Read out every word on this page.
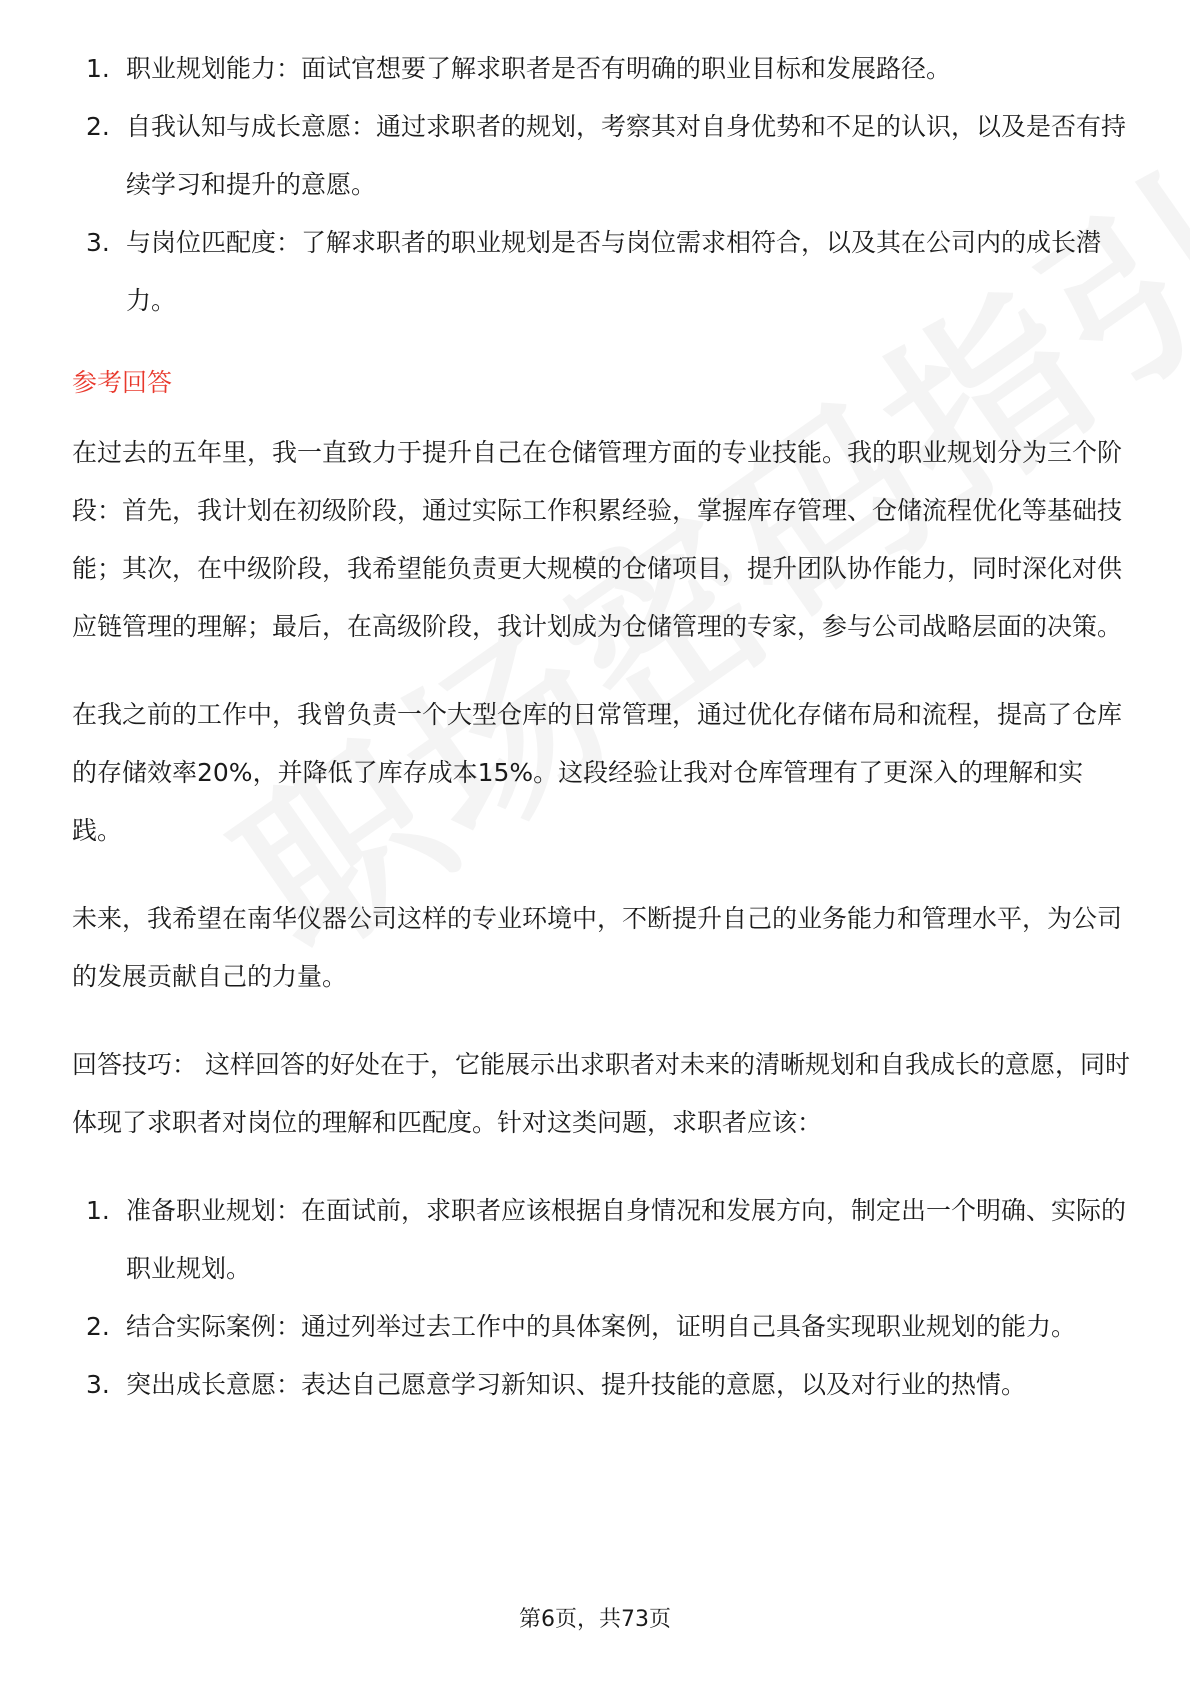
1. 职业规划能力：面试官想要了解求职者是否有明确的职业目标和发展路径。
2. 自我认知与成长意愿：通过求职者的规划，考察其对自身优势和不足的认识，以及是否有持续学习和提升的意愿。
3. 与岗位匹配度：了解求职者的职业规划是否与岗位需求相符合，以及其在公司内的成长潜力。
参考回答

在过去的五年里，我一直致力于提升自己在仓储管理方面的专业技能。我的职业规划分为三个阶段：首先，我计划在初级阶段，通过实际工作积累经验，掌握库存管理、仓储流程优化等基础技能；其次，在中级阶段，我希望能负责更大规模的仓储项目，提升团队协作能力，同时深化对供应链管理的理解；最后，在高级阶段，我计划成为仓储管理的专家，参与公司战略层面的决策。

在我之前的工作中，我曾负责一个大型仓库的日常管理，通过优化存储布局和流程，提高了仓库的存储效率20%，并降低了库存成本15%。这段经验让我对仓库管理有了更深入的理解和实践。

未来，我希望在南华仪器公司这样的专业环境中，不断提升自己的业务能力和管理水平，为公司的发展贡献自己的力量。

回答技巧： 这样回答的好处在于，它能展示出求职者对未来的清晰规划和自我成长的意愿，同时体现了求职者对岗位的理解和匹配度。针对这类问题，求职者应该：

1. 准备职业规划：在面试前，求职者应该根据自身情况和发展方向，制定出一个明确、实际的职业规划。
2. 结合实际案例：通过列举过去工作中的具体案例，证明自己具备实现职业规划的能力。
3. 突出成长意愿：表达自己愿意学习新知识、提升技能的意愿，以及对行业的热情。
第6页，共73页
